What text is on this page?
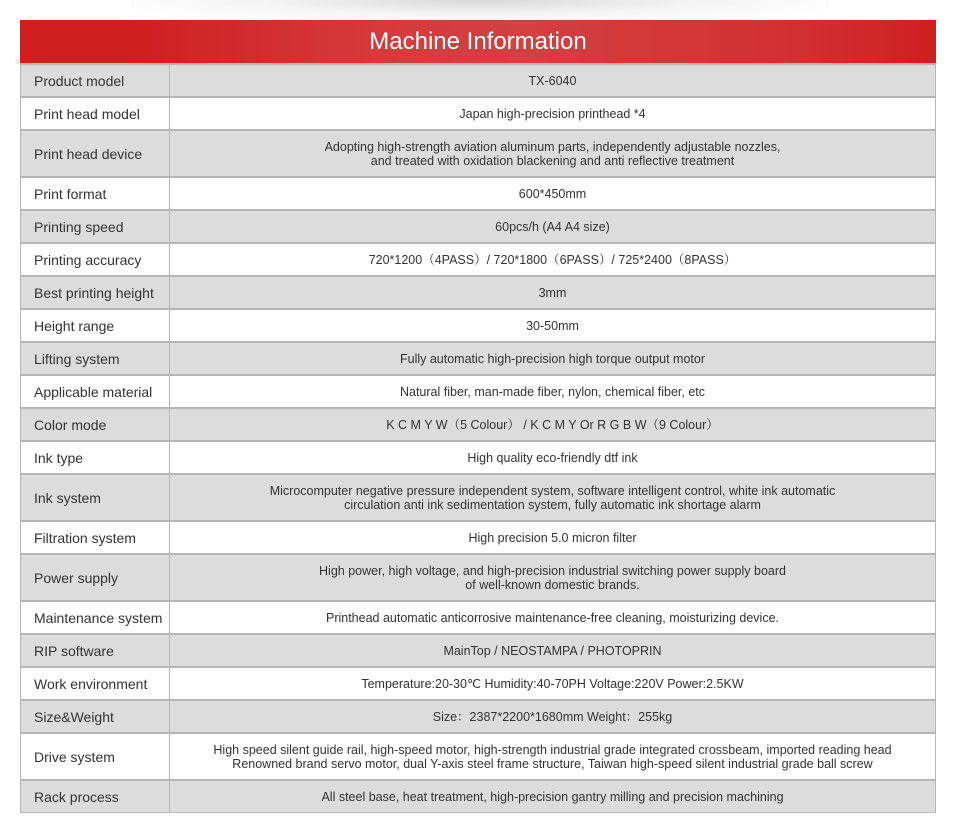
Machine Information
Product model	TX-6040
Print head model	Japan high-precision printhead *4
Print head device	Adopting high-strength aviation aluminum parts, independently adjustable nozzles,
and treated with oxidation blackening and anti reflective treatment
Print format	600*450mm
Printing speed	60pcs/h (A4 A4 size)
Printing accuracy	720*1200（4PASS）/ 720*1800（6PASS）/ 725*2400（8PASS）
Best printing height	3mm
Height range	30-50mm
Lifting system	Fully automatic high-precision high torque output motor
Applicable material	Natural fiber, man-made fiber, nylon, chemical fiber, etc
Color mode	K C M Y W（5 Colour） / K C M Y Or R G B W（9 Colour）
Ink type	High quality eco-friendly dtf ink
Ink system	Microcomputer negative pressure independent system, software intelligent control, white ink automatic
circulation anti ink sedimentation system, fully automatic ink shortage alarm
Filtration system	High precision 5.0 micron filter
Power supply	High power, high voltage, and high-precision industrial switching power supply board
of well-known domestic brands.
Maintenance system	Printhead automatic anticorrosive maintenance-free cleaning, moisturizing device.
RIP software	MainTop / NEOSTAMPA / PHOTOPRIN
Work environment	Temperature:20-30℃ Humidity:40-70PH Voltage:220V Power:2.5KW
Size&Weight	Size：2387*2200*1680mm Weight：255kg
Drive system	High speed silent guide rail, high-speed motor, high-strength industrial grade integrated crossbeam, imported reading head
Renowned brand servo motor, dual Y-axis steel frame structure, Taiwan high-speed silent industrial grade ball screw
Rack process	All steel base, heat treatment, high-precision gantry milling and precision machining
